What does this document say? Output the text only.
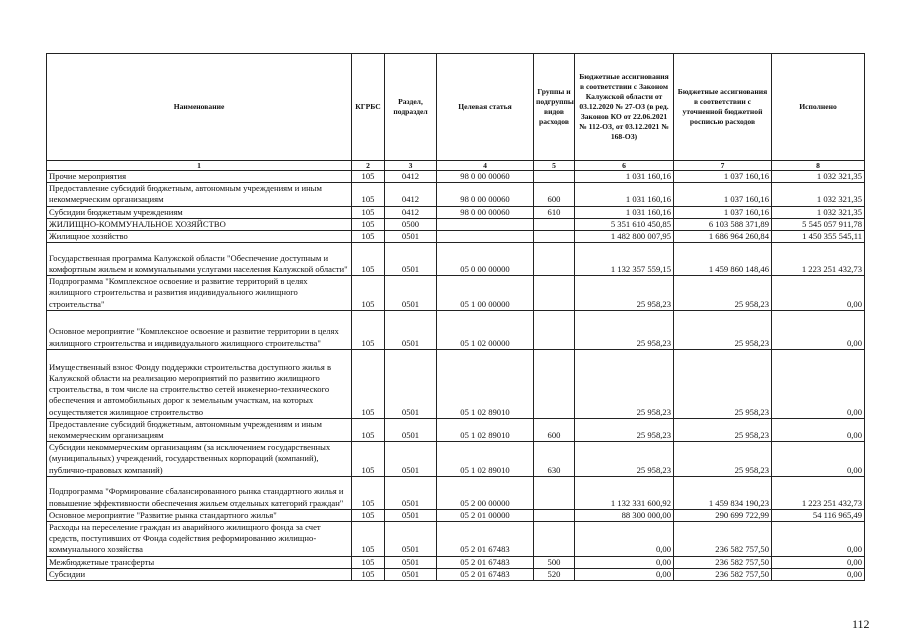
Наименование	КГРБС	Раздел, подраздел	Целевая статья	Группы и подгруппы видов расходов	Бюджетные ассигнования в соответствии с Законом Калужской области от 03.12.2020 № 27-ОЗ (в ред. Законов КО от 22.06.2021 № 112-ОЗ, от 03.12.2021 № 168-ОЗ)	Бюджетные ассигнования в соответствии с уточненной бюджетной росписью расходов	Исполнено
1	2	3	4	5	6	7	8
Прочие мероприятия	105	0412	98 0 00 00060		1 031 160,16	1 037 160,16	1 032 321,35
Предоставление субсидий бюджетным, автономным учреждениям и иным некоммерческим организациям	105	0412	98 0 00 00060	600	1 031 160,16	1 037 160,16	1 032 321,35
Субсидии бюджетным учреждениям	105	0412	98 0 00 00060	610	1 031 160,16	1 037 160,16	1 032 321,35
ЖИЛИЩНО-КОММУНАЛЬНОЕ ХОЗЯЙСТВО	105	0500			5 351 610 450,85	6 103 588 371,89	5 545 057 911,78
Жилищное хозяйство	105	0501			1 482 800 007,95	1 686 964 260,84	1 450 355 545,11
Государственная программа Калужской области "Обеспечение доступным и комфортным жильем и коммунальными услугами населения Калужской области"	105	0501	05 0 00 00000		1 132 357 559,15	1 459 860 148,46	1 223 251 432,73
Подпрограмма "Комплексное освоение и развитие территорий в целях жилищного строительства и развития индивидуального жилищного строительства"	105	0501	05 1 00 00000		25 958,23	25 958,23	0,00
Основное мероприятие "Комплексное освоение и развитие территории в целях жилищного строительства и индивидуального жилищного строительства"	105	0501	05 1 02 00000		25 958,23	25 958,23	0,00
Имущественный взнос Фонду поддержки строительства доступного жилья в Калужской области на реализацию мероприятий по развитию жилищного строительства, в том числе на строительство сетей инженерно-технического обеспечения и автомобильных дорог к земельным участкам, на которых осуществляется жилищное строительство	105	0501	05 1 02 89010		25 958,23	25 958,23	0,00
Предоставление субсидий бюджетным, автономным учреждениям и иным некоммерческим организациям	105	0501	05 1 02 89010	600	25 958,23	25 958,23	0,00
Субсидии некоммерческим организациям (за исключением государственных (муниципальных) учреждений, государственных корпораций (компаний), публично-правовых компаний)	105	0501	05 1 02 89010	630	25 958,23	25 958,23	0,00
Подпрограмма "Формирование сбалансированного рынка стандартного жилья и повышение эффективности обеспечения жильем отдельных категорий граждан"	105	0501	05 2 00 00000		1 132 331 600,92	1 459 834 190,23	1 223 251 432,73
Основное мероприятие "Развитие рынка стандартного жилья"	105	0501	05 2 01 00000		88 300 000,00	290 699 722,99	54 116 965,49
Расходы на переселение граждан из аварийного жилищного фонда за счет средств, поступивших от Фонда содействия реформированию жилищно-коммунального хозяйства	105	0501	05 2 01 67483		0,00	236 582 757,50	0,00
Межбюджетные трансферты	105	0501	05 2 01 67483	500	0,00	236 582 757,50	0,00
Субсидии	105	0501	05 2 01 67483	520	0,00	236 582 757,50	0,00
112
